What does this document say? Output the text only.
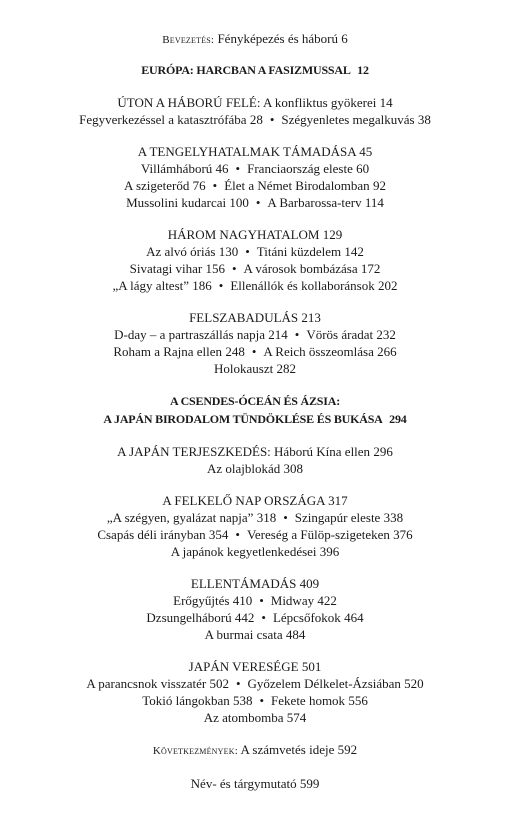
Bevezetés: Fényképezés és háború 6
EURÓPA: HARCBAN A FASIZMUSSAL 12
ÚTON A HÁBORÚ FELÉ: A konfliktus gyökerei 14
Fegyverkezéssel a katasztrófába 28 • Szégyenletes megalkuvás 38
A TENGELYHATALMAK TÁMADÁSA 45
Villámháború 46 • Franciaország eleste 60
A szigeterőd 76 • Élet a Német Birodalomban 92
Mussolini kudarcai 100 • A Barbarossa-terv 114
HÁROM NAGYHATALOM 129
Az alvó óriás 130 • Titáni küzdelem 142
Sivatagi vihar 156 • A városok bombázása 172
„A lágy altest” 186 • Ellenállók és kollaboránsok 202
FELSZABADULÁS 213
D-day – a partraszállás napja 214 • Vörös áradat 232
Roham a Rajna ellen 248 • A Reich összeomlása 266
Holokauszt 282
A CSENDES-ÓCEÁN ÉS ÁZSIA:
A JAPÁN BIRODALOM TÜNDÖKLÉSE ÉS BUKÁSA 294
A JAPÁN TERJESZKEDÉS: Háború Kína ellen 296
Az olajblokád 308
A FELKELŐ NAP ORSZÁGA 317
„A szégyen, gyalázat napja” 318 • Szingapúr eleste 338
Csapás déli irányban 354 • Vereség a Fülöp-szigeteken 376
A japánok kegyetlenkedései 396
ELLENTÁMADÁS 409
Erőgyűjtés 410 • Midway 422
Dzsungelháború 442 • Lépcsőfokok 464
A burmai csata 484
JAPÁN VERESÉGE 501
A parancsnok visszatér 502 • Győzelem Délkelet-Ázsiában 520
Tokió lángokban 538 • Fekete homok 556
Az atombomba 574
Következmények: A számvetés ideje 592
Név- és tárgymutató 599
